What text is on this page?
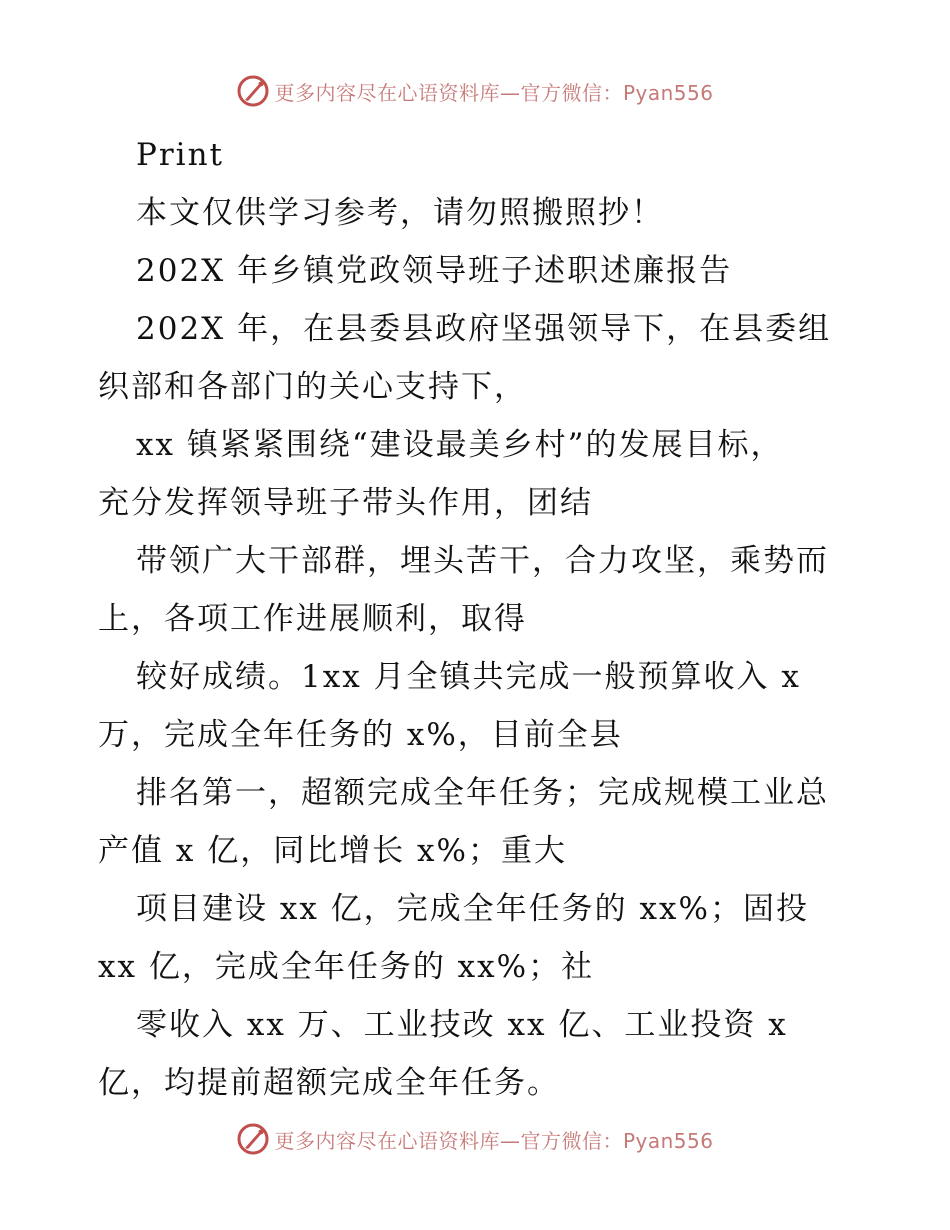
更多内容尽在心语资料库—官方微信：Pyan556
Print
本文仅供学习参考，请勿照搬照抄！
202X 年乡镇党政领导班子述职述廉报告
202X 年，在县委县政府坚强领导下，在县委组
织部和各部门的关心支持下，
xx 镇紧紧围绕“建设最美乡村”的发展目标，
充分发挥领导班子带头作用，团结
带领广大干部群，埋头苦干，合力攻坚，乘势而
上，各项工作进展顺利，取得
较好成绩。1xx 月全镇共完成一般预算收入 x
万，完成全年任务的 x%，目前全县
排名第一，超额完成全年任务；完成规模工业总
产值 x 亿，同比增长 x%；重大
项目建设 xx 亿，完成全年任务的 xx%；固投
xx 亿，完成全年任务的 xx%；社
零收入 xx 万、工业技改 xx 亿、工业投资 x
亿，均提前超额完成全年任务。
更多内容尽在心语资料库—官方微信：Pyan556
